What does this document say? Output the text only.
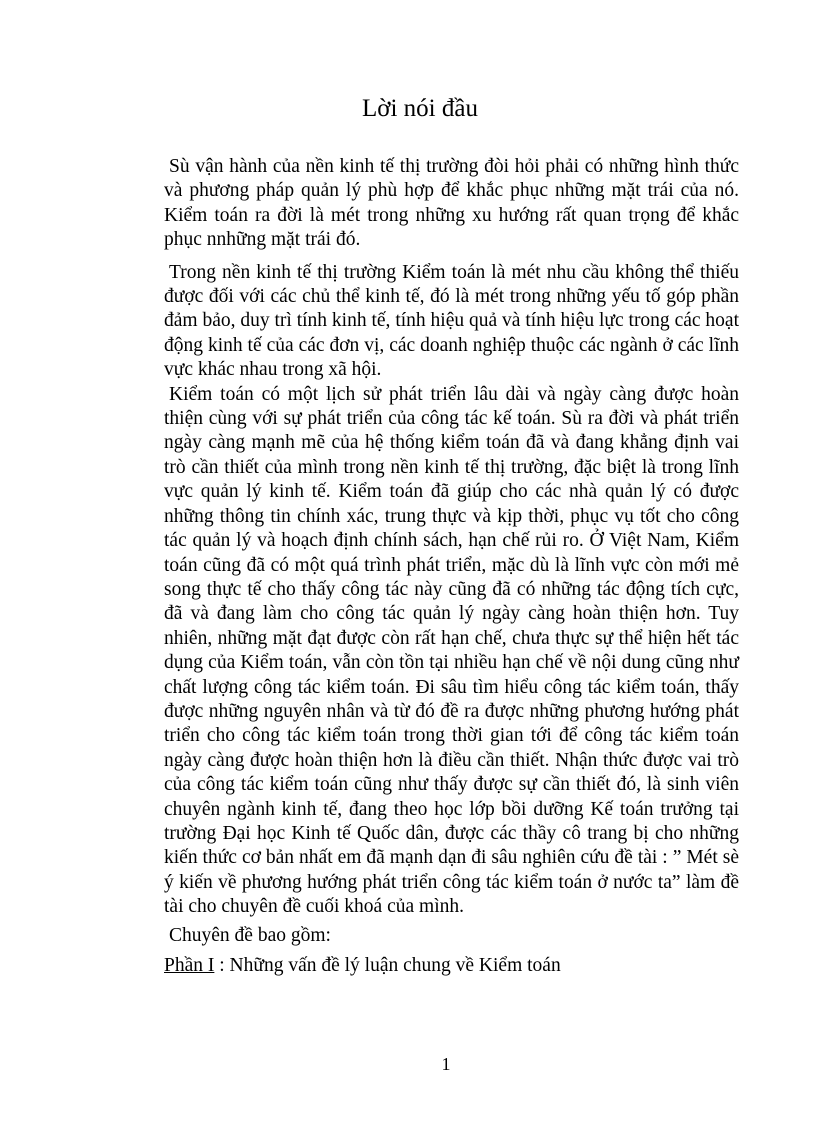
Lời nói đầu

Sù vận hành của nền kinh tế thị trường đòi hỏi phải có những hình thức và phương pháp quản lý phù hợp để khắc phục những mặt trái của nó. Kiểm toán ra đời là mét trong những xu hướng rất quan trọng để khắc phục nnhững mặt trái đó.

Trong nền kinh tế thị trường Kiểm toán là mét nhu cầu không thể thiếu được đối với các chủ thể kinh tế, đó là mét trong những yếu tố góp phần đảm bảo, duy trì tính kinh tế, tính hiệu quả và tính hiệu lực trong các hoạt động kinh tế của các đơn vị, các doanh nghiệp thuộc các ngành ở các lĩnh vực khác nhau trong xã hội.

Kiểm toán có một lịch sử phát triển lâu dài và ngày càng được hoàn thiện cùng với sự phát triển của công tác kế toán. Sù ra đời và phát triển ngày càng mạnh mẽ của hệ thống kiểm toán đã và đang khẳng định vai trò cần thiết của mình trong nền kinh tế thị trường, đặc biệt là trong lĩnh vực quản lý kinh tế. Kiểm toán đã giúp cho các nhà quản lý có được những thông tin chính xác, trung thực và kịp thời, phục vụ tốt cho công tác quản lý và hoạch định chính sách, hạn chế rủi ro. Ở Việt Nam, Kiểm toán cũng đã có một quá trình phát triển, mặc dù là lĩnh vực còn mới mẻ song thực tế cho thấy công tác này cũng đã có những tác động tích cực, đã và đang làm cho công tác quản lý ngày càng hoàn thiện hơn. Tuy nhiên, những mặt đạt được còn rất hạn chế, chưa thực sự thể hiện hết tác dụng của Kiểm toán, vẫn còn tồn tại nhiều hạn chế về nội dung cũng như chất lượng công tác kiểm toán. Đi sâu tìm hiểu công tác kiểm toán, thấy được những nguyên nhân và từ đó đề ra được những phương hướng phát triển cho công tác kiểm toán trong thời gian tới để công tác kiểm toán ngày càng được hoàn thiện hơn là điều cần thiết. Nhận thức được vai trò của công tác kiểm toán cũng như thấy được sự cần thiết đó, là sinh viên chuyên ngành kinh tế, đang theo học lớp bồi dưỡng Kế toán trưởng tại trường Đại học Kinh tế Quốc dân, được các thầy cô trang bị cho những kiến thức cơ bản nhất em đã mạnh dạn đi sâu nghiên cứu đề tài : ” Mét sè ý kiến về phương hướng phát triển công tác kiểm toán ở nước ta” làm đề tài cho chuyên đề cuối khoá của mình.

Chuyên đề bao gồm:

Phần I : Những vấn đề lý luận chung về Kiểm toán

1
